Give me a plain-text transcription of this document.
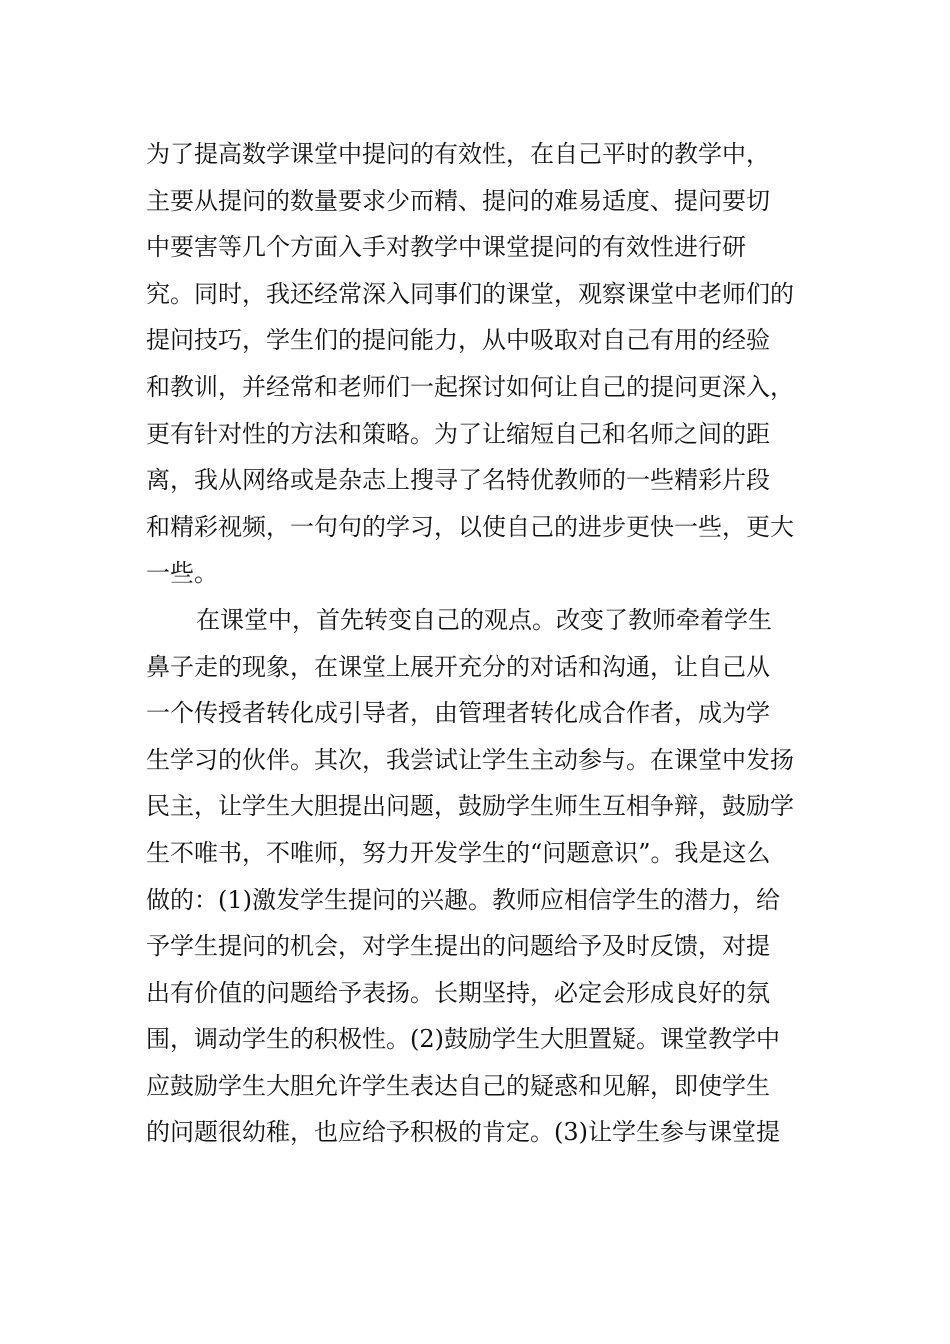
为了提高数学课堂中提问的有效性，在自己平时的教学中，
主要从提问的数量要求少而精、提问的难易适度、提问要切
中要害等几个方面入手对教学中课堂提问的有效性进行研
究。同时，我还经常深入同事们的课堂，观察课堂中老师们的
提问技巧，学生们的提问能力，从中吸取对自己有用的经验
和教训，并经常和老师们一起探讨如何让自己的提问更深入，
更有针对性的方法和策略。为了让缩短自己和名师之间的距
离，我从网络或是杂志上搜寻了名特优教师的一些精彩片段
和精彩视频，一句句的学习，以使自己的进步更快一些，更大
一些。
在课堂中，首先转变自己的观点。改变了教师牵着学生
鼻子走的现象，在课堂上展开充分的对话和沟通，让自己从
一个传授者转化成引导者，由管理者转化成合作者，成为学
生学习的伙伴。其次，我尝试让学生主动参与。在课堂中发扬
民主，让学生大胆提出问题，鼓励学生师生互相争辩，鼓励学
生不唯书，不唯师，努力开发学生的“问题意识”。我是这么
做的：(1)激发学生提问的兴趣。教师应相信学生的潜力，给
予学生提问的机会，对学生提出的问题给予及时反馈，对提
出有价值的问题给予表扬。长期坚持，必定会形成良好的氛
围，调动学生的积极性。(2)鼓励学生大胆置疑。课堂教学中
应鼓励学生大胆允许学生表达自己的疑惑和见解，即使学生
的问题很幼稚，也应给予积极的肯定。(3)让学生参与课堂提
